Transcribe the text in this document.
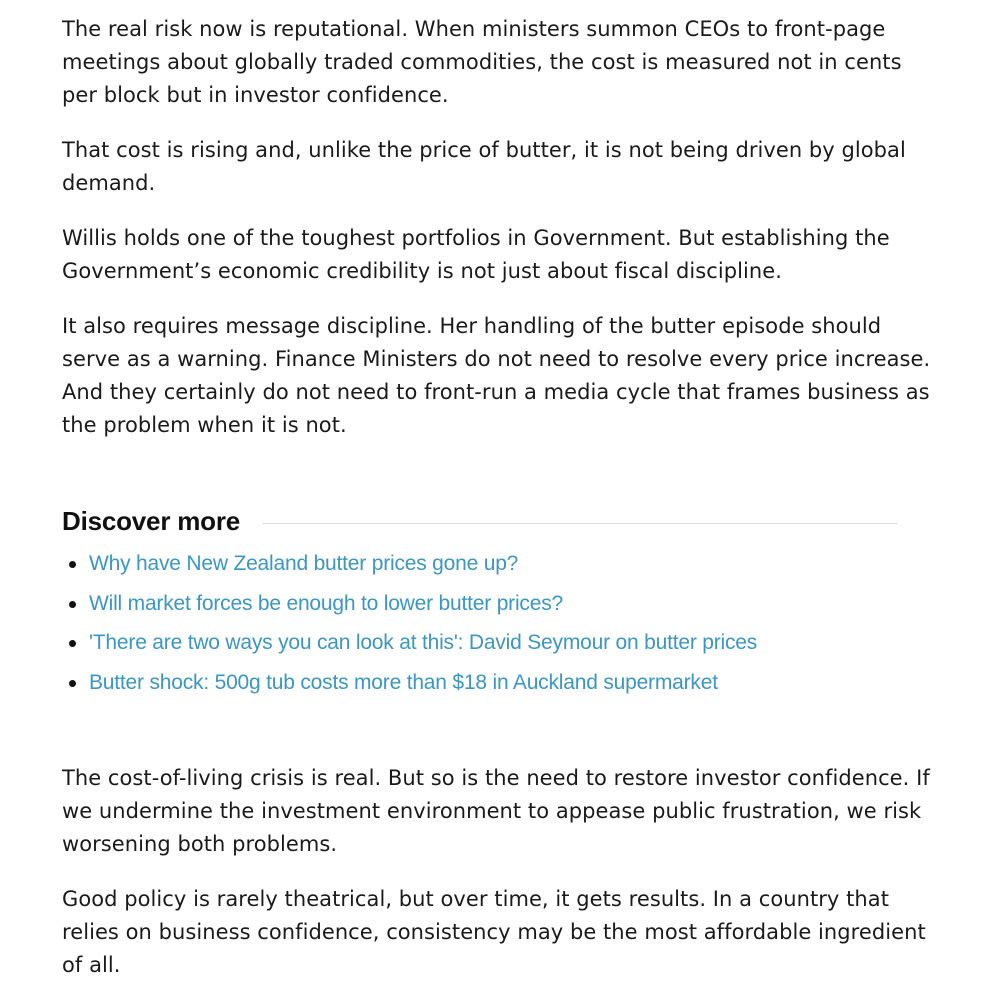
The real risk now is reputational. When ministers summon CEOs to front-page meetings about globally traded commodities, the cost is measured not in cents per block but in investor confidence.

That cost is rising and, unlike the price of butter, it is not being driven by global demand.

Willis holds one of the toughest portfolios in Government. But establishing the Government’s economic credibility is not just about fiscal discipline.

It also requires message discipline. Her handling of the butter episode should serve as a warning. Finance Ministers do not need to resolve every price increase. And they certainly do not need to front-run a media cycle that frames business as the problem when it is not.

Discover more
Why have New Zealand butter prices gone up?
Will market forces be enough to lower butter prices?
'There are two ways you can look at this': David Seymour on butter prices
Butter shock: 500g tub costs more than $18 in Auckland supermarket

The cost-of-living crisis is real. But so is the need to restore investor confidence. If we undermine the investment environment to appease public frustration, we risk worsening both problems.

Good policy is rarely theatrical, but over time, it gets results. In a country that relies on business confidence, consistency may be the most affordable ingredient of all.
